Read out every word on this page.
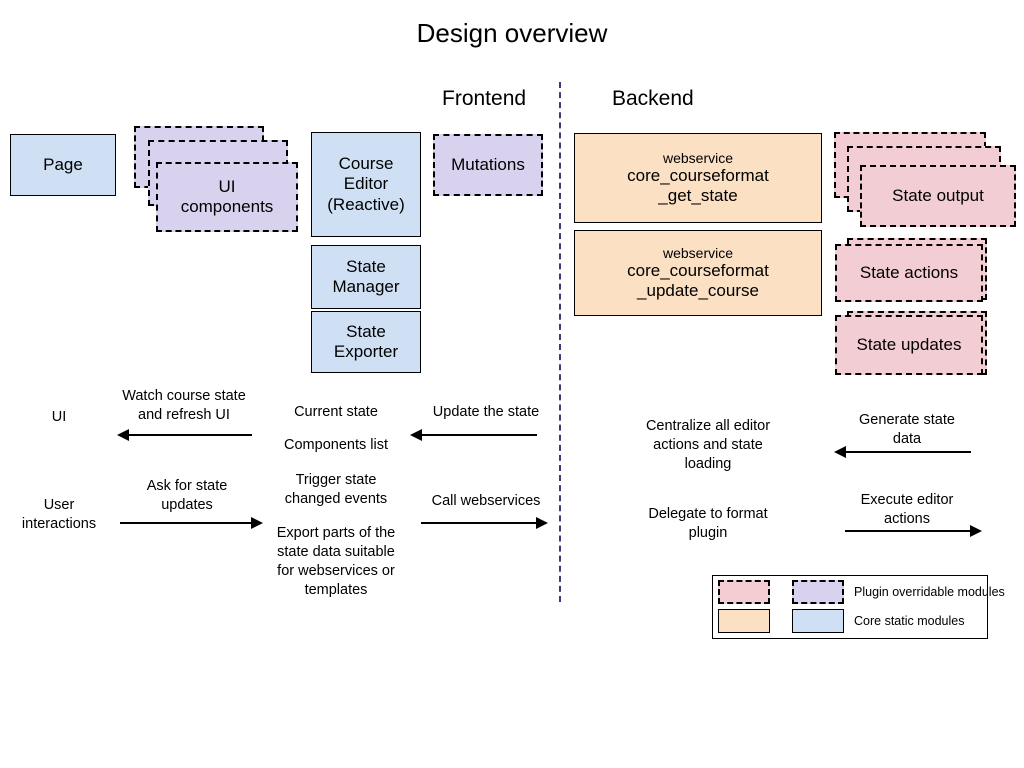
Design overview
Frontend	Backend
Page
UI
components
Course
Editor
(Reactive)
State
Manager
State
Exporter
Mutations	webservice
core_courseformat
_get_state
webservice
core_courseformat
_update_course
State output
State actions
State updates
UI
User
interactions
Watch course state and refresh UI
Ask for state updates
Current state
Components list
Trigger state changed events
Export parts of the state data suitable for webservices or templates
Update the state
Call webservices
Centralize all editor actions and state loading
Delegate to format plugin
Generate state data
Execute editor actions
Plugin overridable modules
Core static modules
